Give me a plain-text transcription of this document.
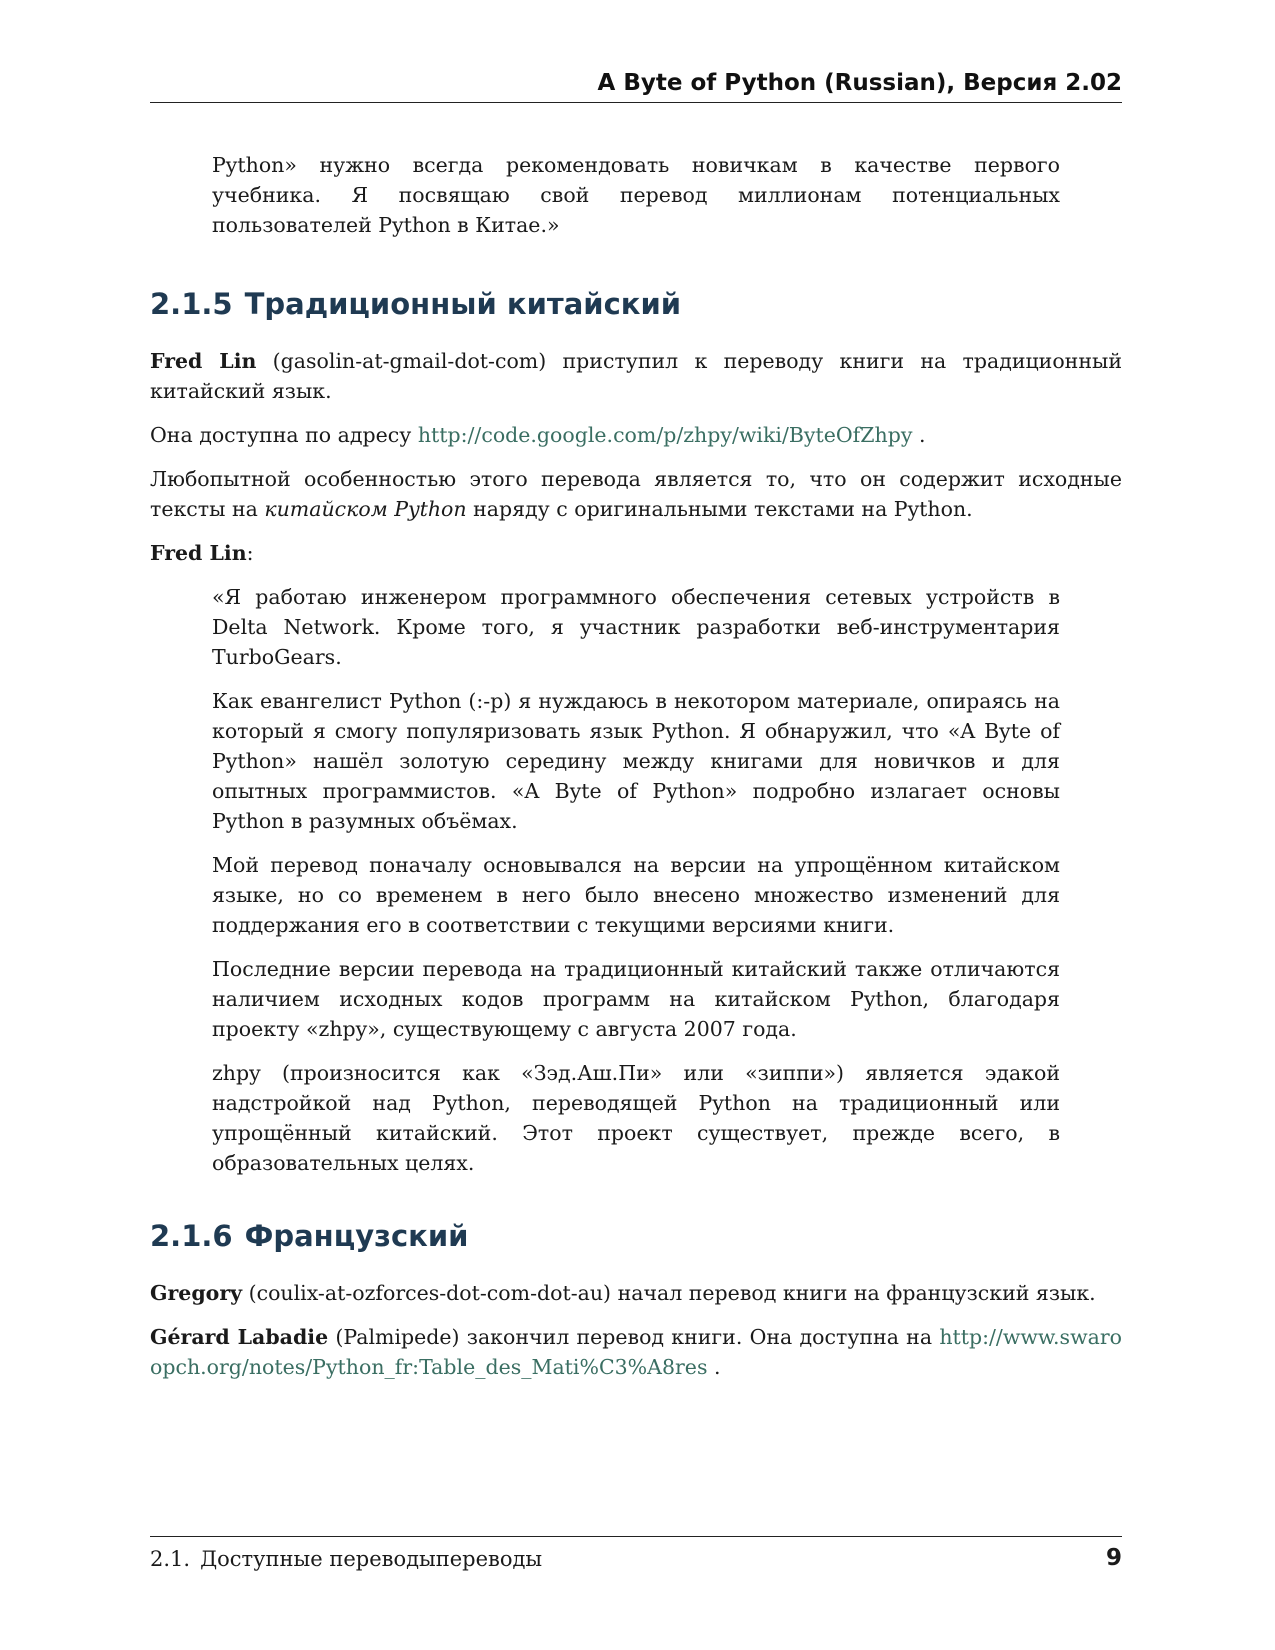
A Byte of Python (Russian), Версия 2.02

Python» нужно всегда рекомендовать новичкам в качестве первого учебника. Я посвящаю свой перевод миллионам потенциальных пользователей Python в Китае.»

2.1.5 Традиционный китайский

Fred Lin (gasolin-at-gmail-dot-com) приступил к переводу книги на традиционный китайский язык.

Она доступна по адресу http://code.google.com/p/zhpy/wiki/ByteOfZhpy .

Любопытной особенностью этого перевода является то, что он содержит исходные тексты на китайском Python наряду с оригинальными текстами на Python.

Fred Lin:

«Я работаю инженером программного обеспечения сетевых устройств в Delta Network. Кроме того, я участник разработки веб-инструментария TurboGears.

Как евангелист Python (:-p) я нуждаюсь в некотором материале, опираясь на который я смогу популяризовать язык Python. Я обнаружил, что «A Byte of Python» нашёл золотую середину между книгами для новичков и для опытных программистов. «A Byte of Python» подробно излагает основы Python в разумных объёмах.

Мой перевод поначалу основывался на версии на упрощённом китайском языке, но со временем в него было внесено множество изменений для поддержания его в соответствии с текущими версиями книги.

Последние версии перевода на традиционный китайский также отличаются наличием исходных кодов программ на китайском Python, благодаря проекту «zhpy», существующему с августа 2007 года.

zhpy (произносится как «Зэд.Аш.Пи» или «зиппи») является эдакой надстройкой над Python, переводящей Python на традиционный или упрощённый китайский. Этот проект существует, прежде всего, в образовательных целях.

2.1.6 Французский

Gregory (coulix-at-ozforces-dot-com-dot-au) начал перевод книги на французский язык.

Gérard Labadie (Palmipede) закончил перевод книги. Она доступна на http://www.swaroopch.org/notes/Python_fr:Table_des_Mati%C3%A8res .

2.1. Доступные переводыпереводы	9
